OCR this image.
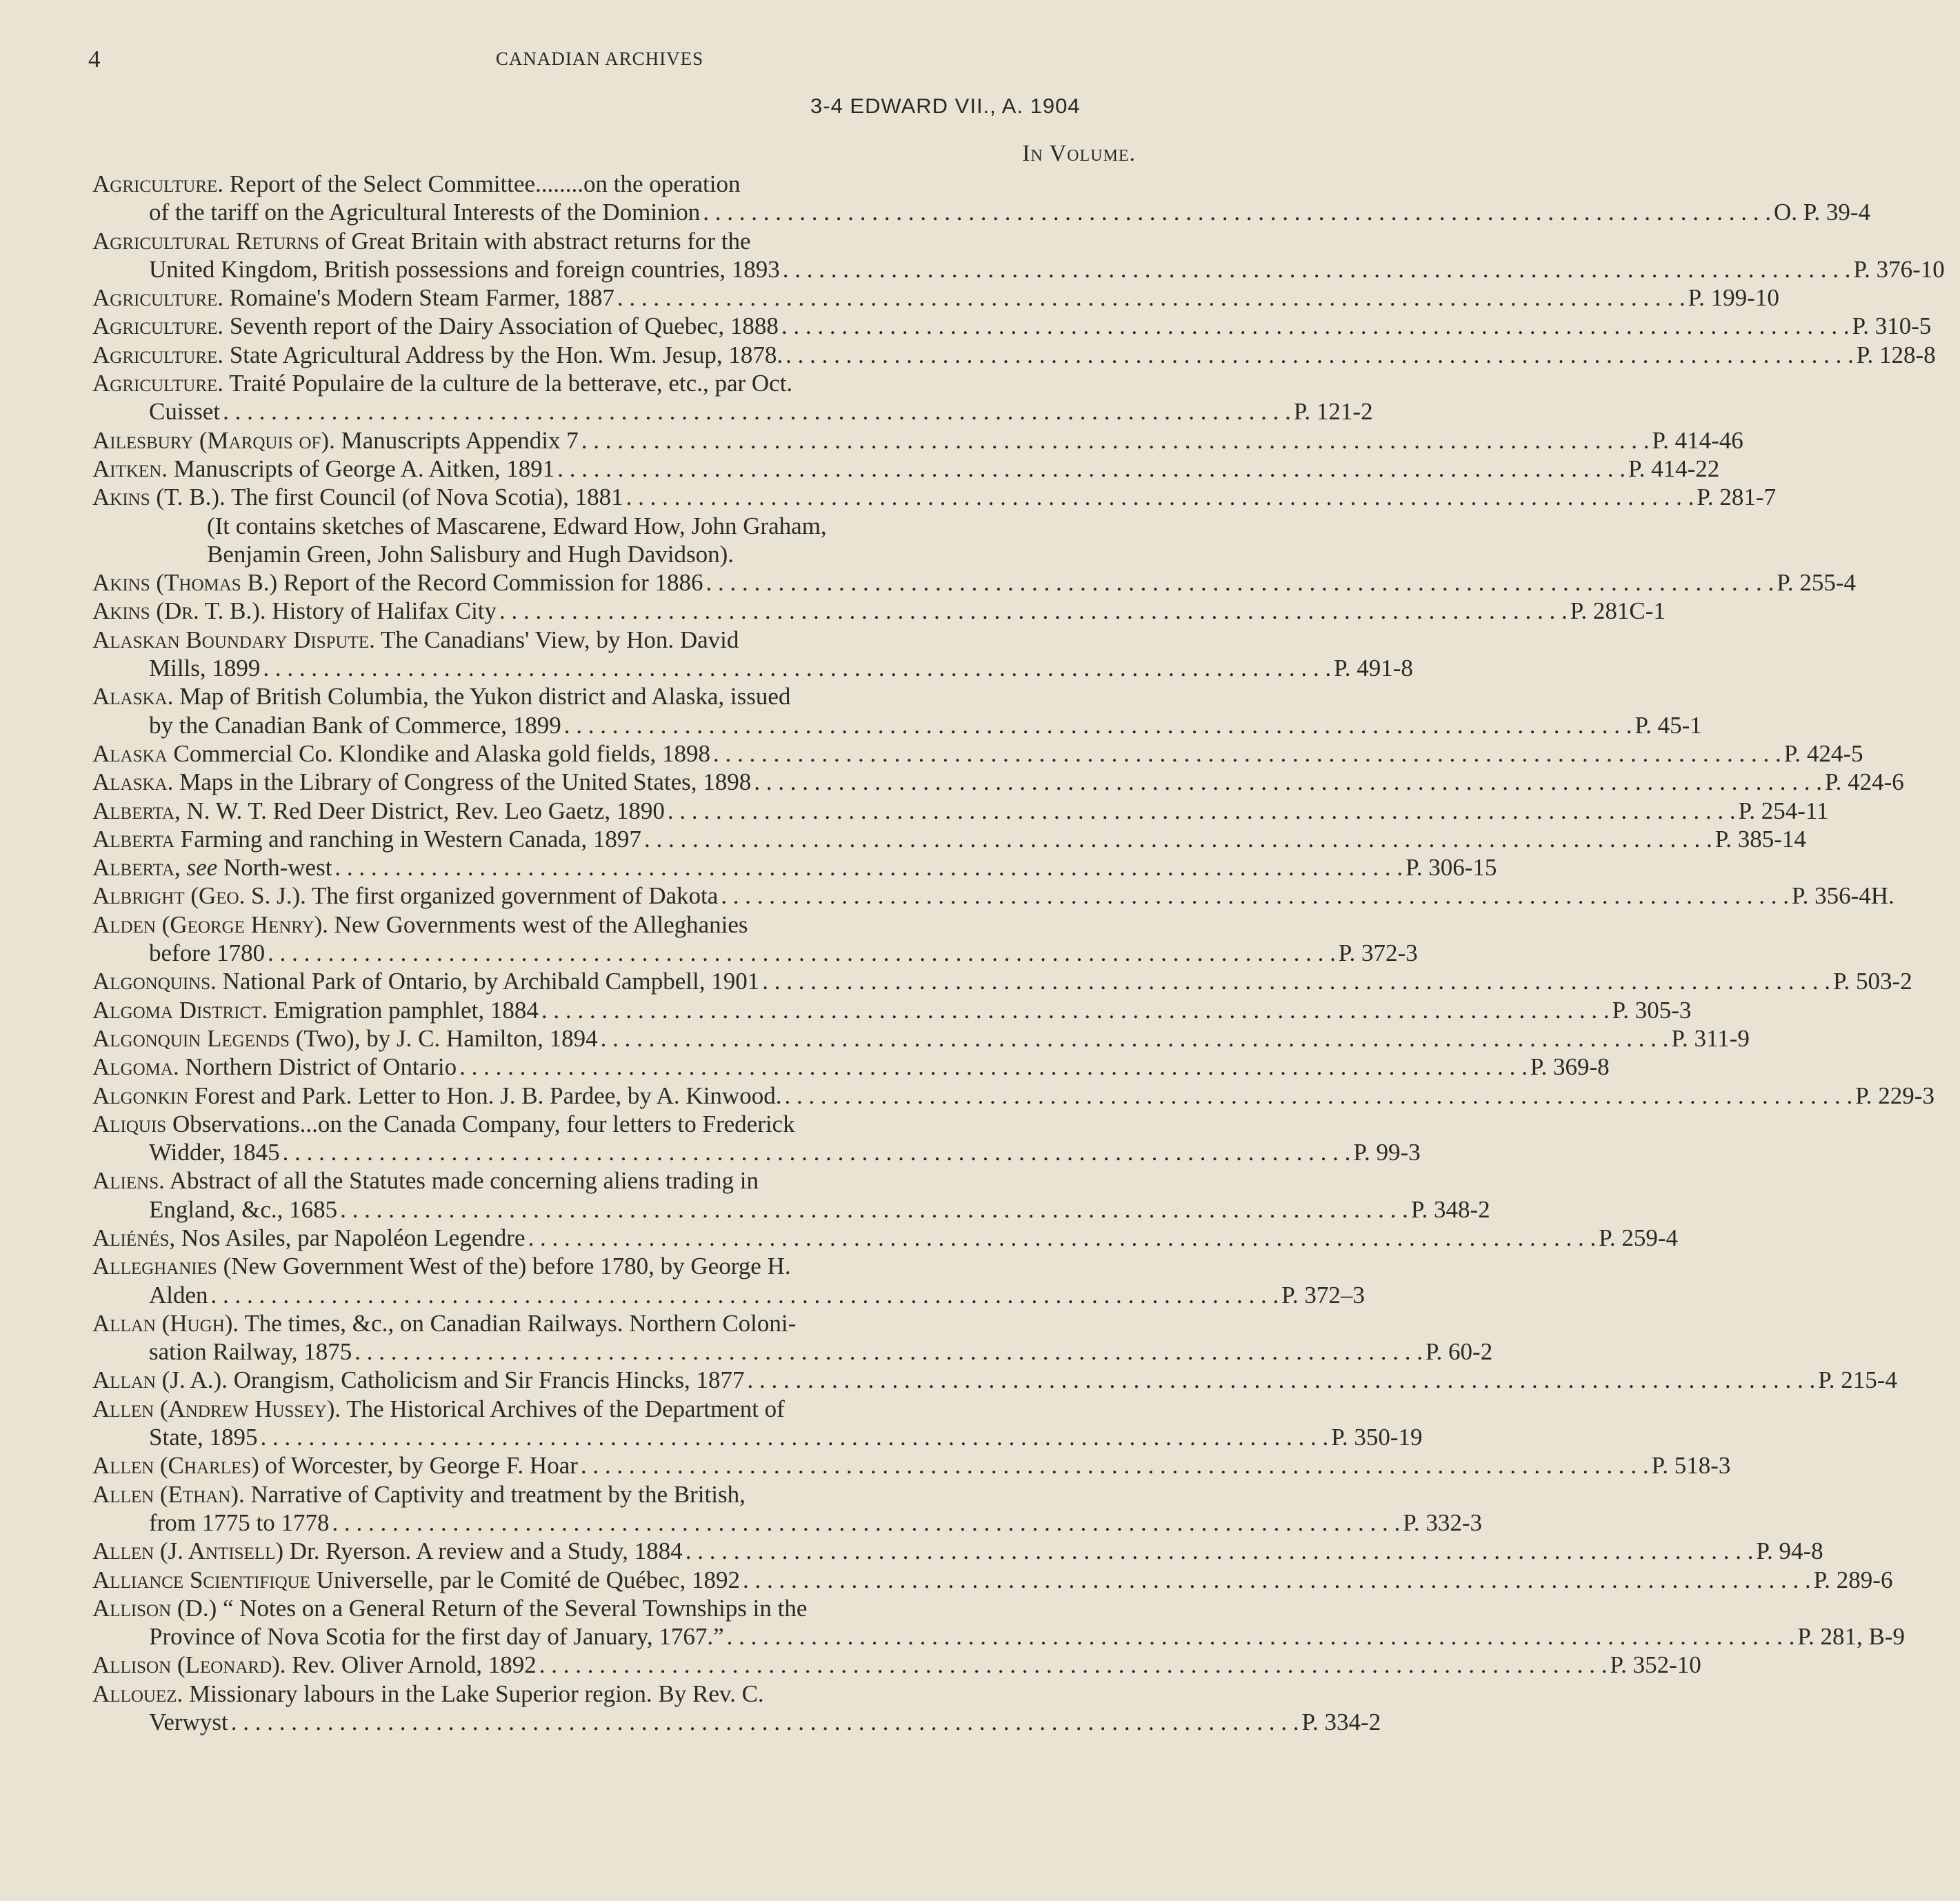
4	CANADIAN ARCHIVES
3-4 EDWARD VII., A. 1904
In Volume.
Agriculture. Report of the Select Committee........on the operation
of the tariff on the Agricultural Interests of the Dominion . . .	O. P. 39-4
Agricultural Returns of Great Britain with abstract returns for the
United Kingdom, British possessions and foreign countries, 1893 . . .	P. 376-10
Agriculture. Romaine's Modern Steam Farmer, 1887 . . .	P. 199-10
Agriculture. Seventh report of the Dairy Association of Quebec, 1888 . . .	P. 310-5
Agriculture. State Agricultural Address by the Hon. Wm. Jesup, 1878. . . .	P. 128-8
Agriculture. Traité Populaire de la culture de la betterave, etc., par Oct.
Cuisset . . .	P. 121-2
Ailesbury (Marquis of). Manuscripts Appendix 7 . . .	P. 414-46
Aitken. Manuscripts of George A. Aitken, 1891 . . .	P. 414-22
Akins (T. B.). The first Council (of Nova Scotia), 1881 . . .	P. 281-7
(It contains sketches of Mascarene, Edward How, John Graham,
Benjamin Green, John Salisbury and Hugh Davidson).
Akins (Thomas B.) Report of the Record Commission for 1886 . . .	P. 255-4
Akins (Dr. T. B.). History of Halifax City . . .	P. 281C-1
Alaskan Boundary Dispute. The Canadians' View, by Hon. David
Mills, 1899 . . .	P. 491-8
Alaska. Map of British Columbia, the Yukon district and Alaska, issued
by the Canadian Bank of Commerce, 1899 . . .	P. 45-1
Alaska Commercial Co. Klondike and Alaska gold fields, 1898 . . .	P. 424-5
Alaska. Maps in the Library of Congress of the United States, 1898 . . .	P. 424-6
Alberta, N. W. T. Red Deer District, Rev. Leo Gaetz, 1890 . . .	P. 254-11
Alberta Farming and ranching in Western Canada, 1897 . . .	P. 385-14
Alberta, see North-west . . .	P. 306-15
Albright (Geo. S. J.). The first organized government of Dakota . . .	P. 356-4H.
Alden (George Henry). New Governments west of the Alleghanies
before 1780 . . .	P. 372-3
Algonquins. National Park of Ontario, by Archibald Campbell, 1901 . . .	P. 503-2
Algoma District. Emigration pamphlet, 1884 . . .	P. 305-3
Algonquin Legends (Two), by J. C. Hamilton, 1894 . . .	P. 311-9
Algoma. Northern District of Ontario . . .	P. 369-8
Algonkin Forest and Park. Letter to Hon. J. B. Pardee, by A. Kinwood. . . .	P. 229-3
Aliquis Observations...on the Canada Company, four letters to Frederick
Widder, 1845 . . .	P. 99-3
Aliens. Abstract of all the Statutes made concerning aliens trading in
England, &c., 1685 . . .	P. 348-2
Aliénés, Nos Asiles, par Napoléon Legendre . . .	P. 259-4
Alleghanies (New Government West of the) before 1780, by George H.
Alden . . .	P. 372–3
Allan (Hugh). The times, &c., on Canadian Railways. Northern Coloni-
sation Railway, 1875 . . .	P. 60-2
Allan (J. A.). Orangism, Catholicism and Sir Francis Hincks, 1877 . . .	P. 215-4
Allen (Andrew Hussey). The Historical Archives of the Department of
State, 1895 . . .	P. 350-19
Allen (Charles) of Worcester, by George F. Hoar . . .	P. 518-3
Allen (Ethan). Narrative of Captivity and treatment by the British,
from 1775 to 1778 . . .	P. 332-3
Allen (J. Antisell) Dr. Ryerson. A review and a Study, 1884 . . .	P. 94-8
Alliance Scientifique Universelle, par le Comité de Québec, 1892 . . .	P. 289-6
Allison (D.) “ Notes on a General Return of the Several Townships in the
Province of Nova Scotia for the first day of January, 1767.” . . .	P. 281, B-9
Allison (Leonard). Rev. Oliver Arnold, 1892 . . .	P. 352-10
Allouez. Missionary labours in the Lake Superior region. By Rev. C.
Verwyst . . .	P. 334-2
